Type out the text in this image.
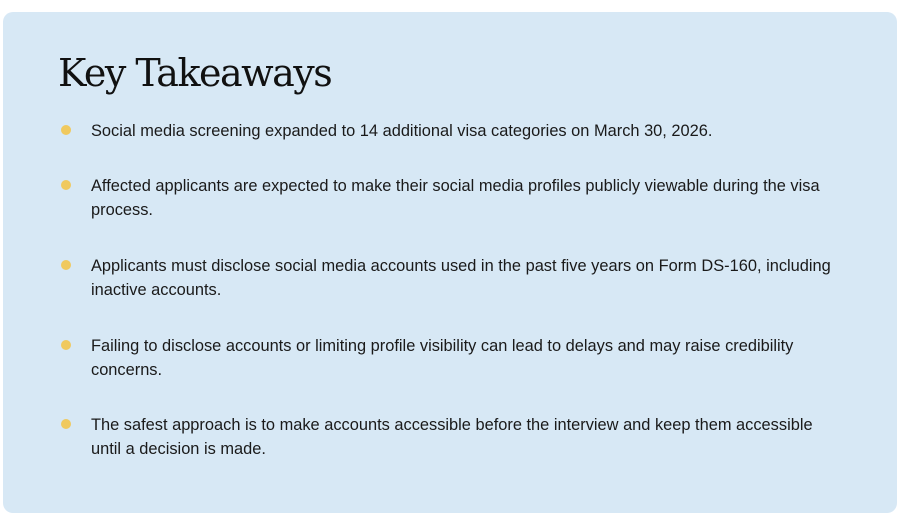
Key Takeaways
Social media screening expanded to 14 additional visa categories on March 30, 2026.
Affected applicants are expected to make their social media profiles publicly viewable during the visa process.
Applicants must disclose social media accounts used in the past five years on Form DS-160, including inactive accounts.
Failing to disclose accounts or limiting profile visibility can lead to delays and may raise credibility concerns.
The safest approach is to make accounts accessible before the interview and keep them accessible until a decision is made.
